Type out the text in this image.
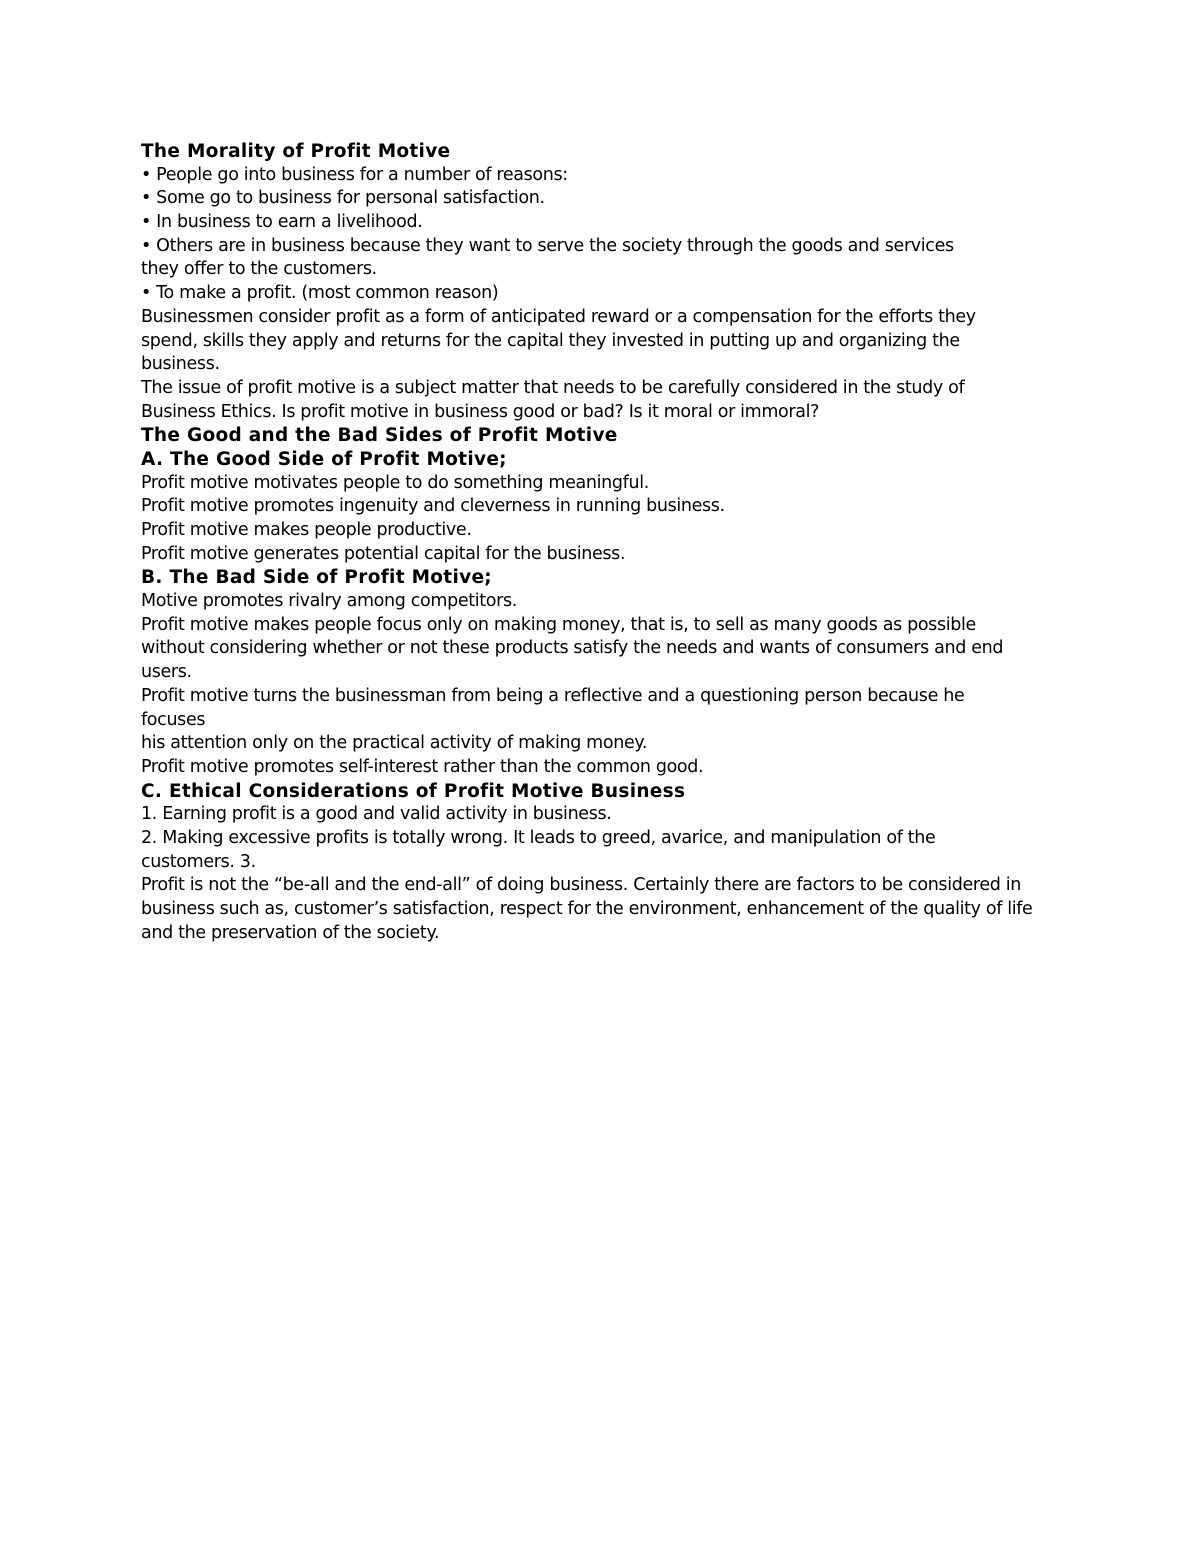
The Morality of Profit Motive
• People go into business for a number of reasons:
• Some go to business for personal satisfaction.
• In business to earn a livelihood.
• Others are in business because they want to serve the society through the goods and services
they offer to the customers.
• To make a profit. (most common reason)
Businessmen consider profit as a form of anticipated reward or a compensation for the efforts they
spend, skills they apply and returns for the capital they invested in putting up and organizing the
business.
The issue of profit motive is a subject matter that needs to be carefully considered in the study of
Business Ethics. Is profit motive in business good or bad? Is it moral or immoral?
The Good and the Bad Sides of Profit Motive
A. The Good Side of Profit Motive;
Profit motive motivates people to do something meaningful.
Profit motive promotes ingenuity and cleverness in running business.
Profit motive makes people productive.
Profit motive generates potential capital for the business.
B. The Bad Side of Profit Motive;
Motive promotes rivalry among competitors.
Profit motive makes people focus only on making money, that is, to sell as many goods as possible
without considering whether or not these products satisfy the needs and wants of consumers and end
users.
Profit motive turns the businessman from being a reflective and a questioning person because he
focuses
his attention only on the practical activity of making money.
Profit motive promotes self-interest rather than the common good.
C. Ethical Considerations of Profit Motive Business
1. Earning profit is a good and valid activity in business.
2. Making excessive profits is totally wrong. It leads to greed, avarice, and manipulation of the
customers. 3.
Profit is not the “be-all and the end-all” of doing business. Certainly there are factors to be considered in
business such as, customer’s satisfaction, respect for the environment, enhancement of the quality of life
and the preservation of the society.
